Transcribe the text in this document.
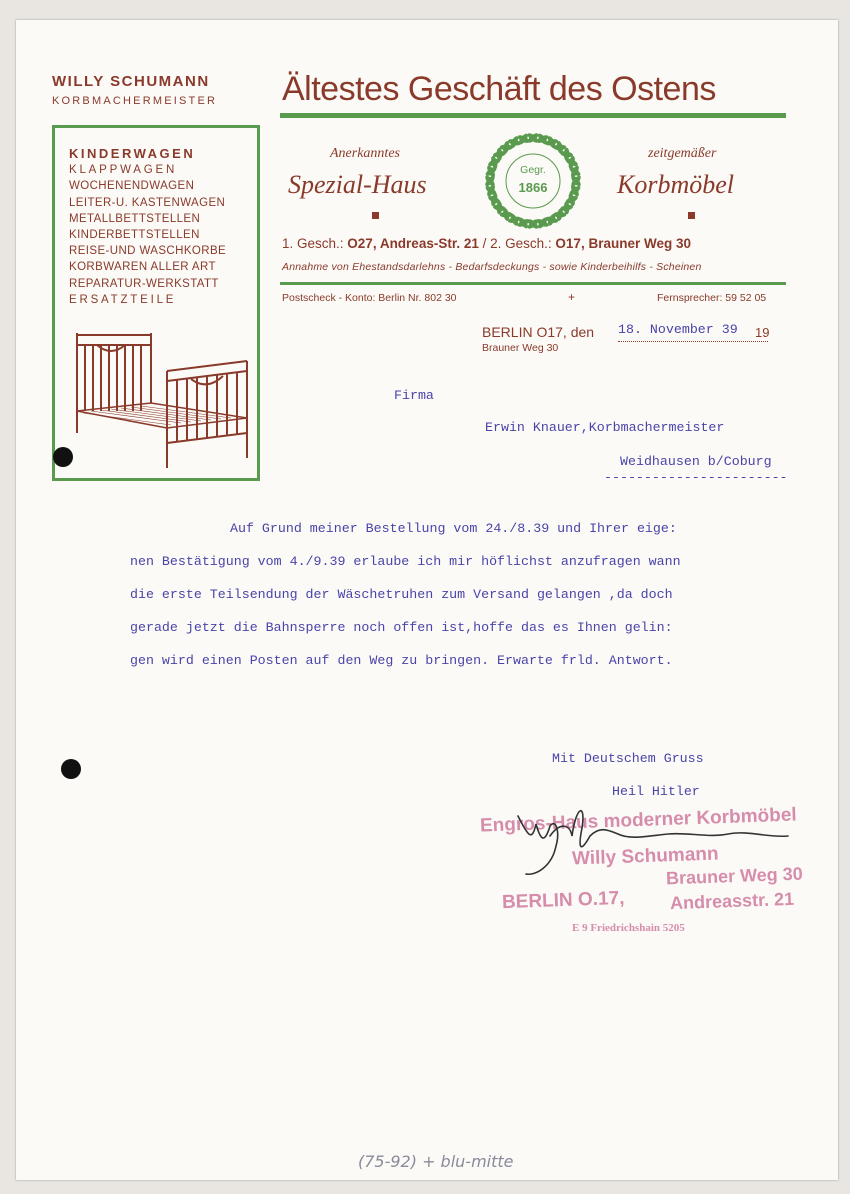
WILLY SCHUMANN
KORBMACHERMEISTER Ältestes Geschäft des Ostens
KINDERWAGEN
KLAPPWAGEN
WOCHENENDWAGEN
LEITER-U. KASTENWAGEN
METALLBETTSTELLEN
KINDERBETTSTELLEN
REISE-UND WASCHKORBE
KORBWAREN ALLER ART
REPARATUR-WERKSTATT
ERSATZTEILE
Anerkanntes
Spezial-Haus	Gegr.
1866
zeitgemäßer
Korbmöbel
1. Gesch.: O27, Andreas-Str. 21 / 2. Gesch.: O17, Brauner Weg 30
Annahme von Ehestandsdarlehns - Bedarfsdeckungs - sowie Kinderbeihilfs - Scheinen
Postscheck - Konto: Berlin Nr. 802 30	+	Fernsprecher: 59 52 05
BERLIN O17, den 18. November 39 19
Brauner Weg 30
Firma
Erwin Knauer,Korbmachermeister
Weidhausen b/Coburg
-----------------------
Auf Grund meiner Bestellung vom 24./8.39 und Ihrer eige:
nen Bestätigung vom 4./9.39 erlaube ich mir höflichst anzufragen wann
die erste Teilsendung der Wäschetruhen zum Versand gelangen ,da doch
gerade jetzt die Bahnsperre noch offen ist,hoffe das es Ihnen gelin:
gen wird einen Posten auf den Weg zu bringen. Erwarte frld. Antwort.
Mit Deutschem Gruss
Heil Hitler
Engros-Haus moderner Korbmöbel
Willy Schumann
Brauner Weg 30
BERLIN O.17, Andreasstr. 21
E 9 Friedrichshain 5205
(75-92) + blu-mitte
